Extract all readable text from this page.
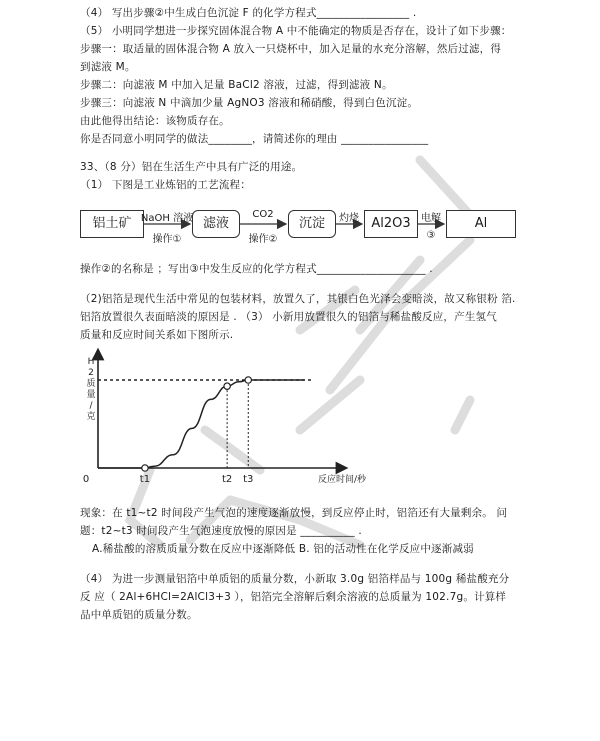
（4） 写出步骤②中生成白色沉淀 F 的化学方程式_________________ .
（5） 小明同学想进一步探究固体混合物 A 中不能确定的物质是否存在，设计了如下步骤：
步骤一：取适量的固体混合物 A 放入一只烧杯中，加入足量的水充分溶解，然后过滤，得
到滤液 M。
步骤二：向滤液 M 中加入足量 BaCl2 溶液，过滤，得到滤液 N。
步骤三：向滤液 N 中滴加少量 AgNO3 溶液和稀硝酸，得到白色沉淀。
由此他得出结论：该物质存在。
你是否同意小明同学的做法________，请简述你的理由 ________________
33、（8 分）铝在生活生产中具有广泛的用途。
（1） 下图是工业炼铝的工艺流程：
铝土矿	滤液	沉淀	Al2O3	Al
NaOH 溶液
操作①
CO2
操作②
灼烧	电解
③
操作②的名称是 ；写出③中发生反应的化学方程式____________________ .
（2)铝箔是现代生活中常见的包装材料，放置久了，其银白色光泽会变暗淡，故又称银粉 箔.
铝箔放置很久表面暗淡的原因是 . （3） 小新用放置很久的铝箔与稀盐酸反应，产生氢气
质量和反应时间关系如下图所示.
H 2 质量/克
反应时间/秒
0	t1	t2 t3
现象：在 t1~t2 时间段产生气泡的速度逐渐放慢，到反应停止时，铝箔还有大量剩余。 问
题：t2~t3 时间段产生气泡速度放慢的原因是 __________ .
A.稀盐酸的溶质质量分数在反应中逐渐降低 B. 铝的活动性在化学反应中逐渐减弱
（4） 为进一步测量铝箔中单质铝的质量分数，小新取 3.0g 铝箔样品与 100g 稀盐酸充分
反 应（ 2Al+6HCl=2AlCl3+3 ），铝箔完全溶解后剩余溶液的总质量为 102.7g。计算样
品中单质铝的质量分数。
